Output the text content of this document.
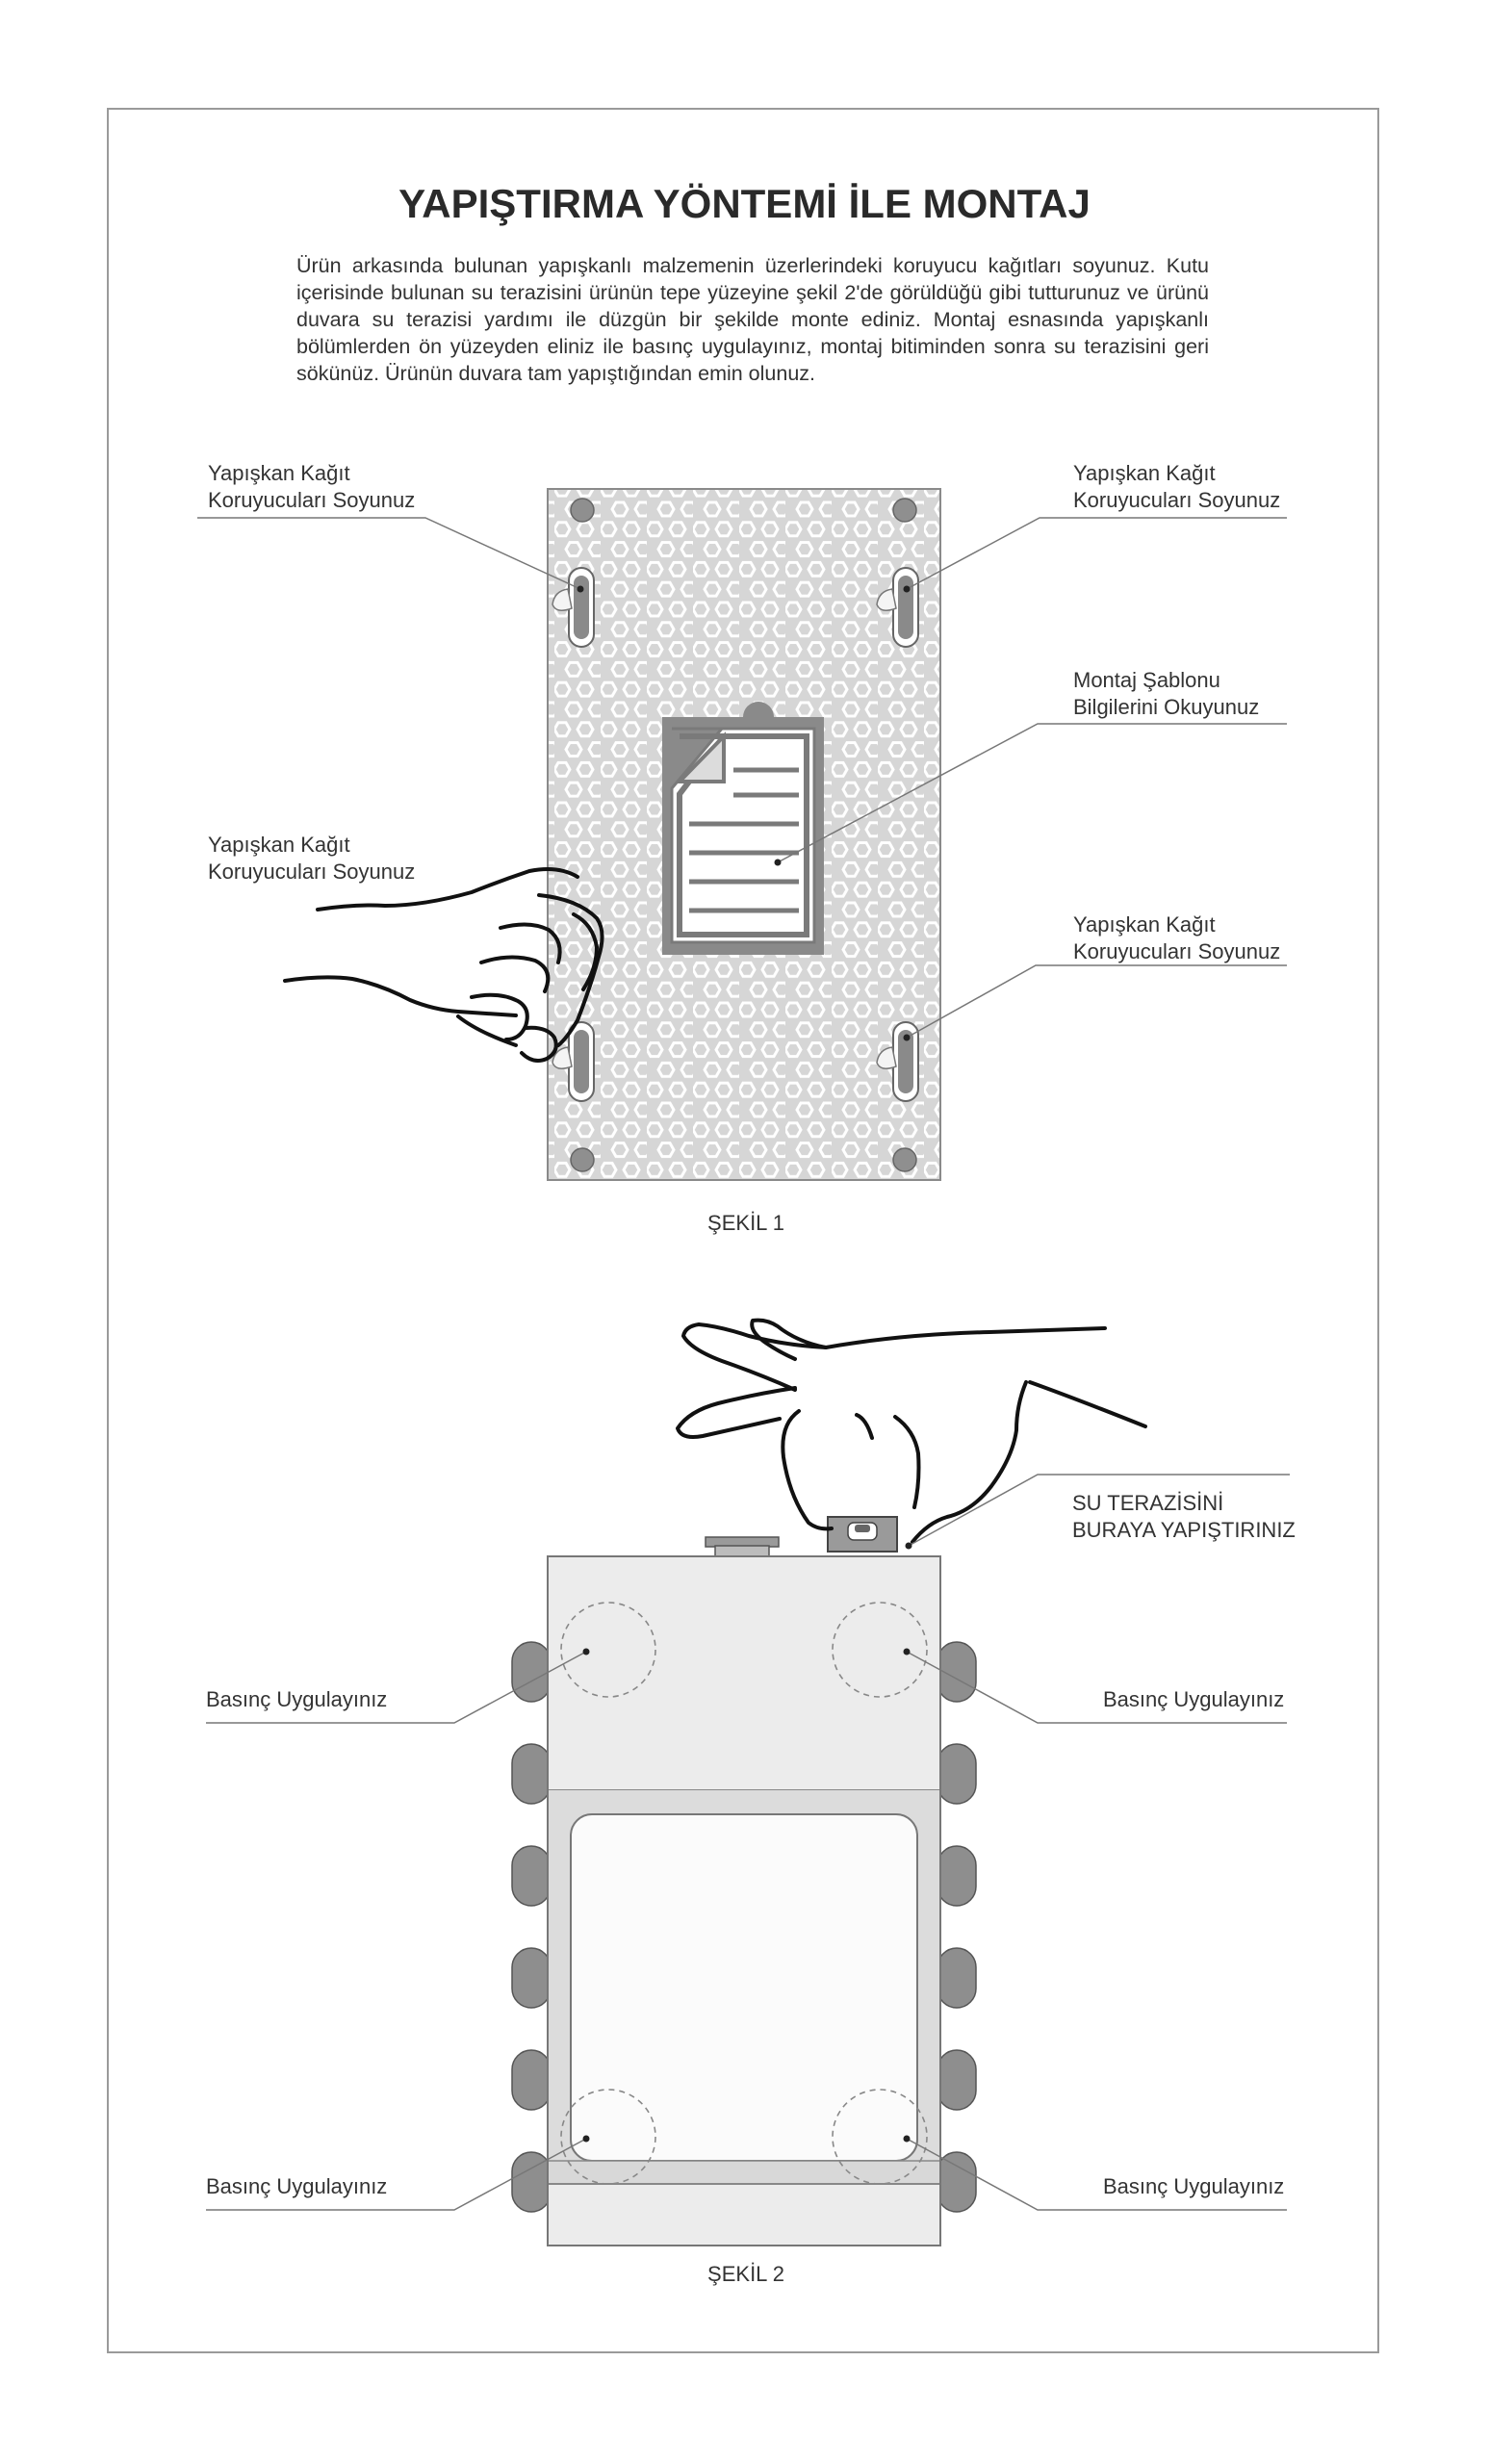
YAPIŞTIRMA YÖNTEMİ İLE MONTAJ

Ürün arkasında bulunan yapışkanlı malzemenin üzerlerindeki koruyucu kağıtları soyunuz. Kutu içerisinde bulunan su terazisini ürünün tepe yüzeyine şekil 2'de görüldüğü gibi tutturunuz ve ürünü duvara su terazisi yardımı ile düzgün bir şekilde monte ediniz. Montaj esnasında yapışkanlı bölümlerden ön yüzeyden eliniz ile basınç uygulayınız, montaj bitiminden sonra su terazisini geri sökünüz. Ürünün duvara tam yapıştığından emin olunuz.

Yapışkan Kağıt
Koruyucuları Soyunuz
Yapışkan Kağıt
Koruyucuları Soyunuz
Montaj Şablonu
Bilgilerini Okuyunuz
Yapışkan Kağıt
Koruyucuları Soyunuz
Yapışkan Kağıt
Koruyucuları Soyunuz
ŞEKİL 1
SU TERAZİSİNİ
BURAYA YAPIŞTIRINIZ
Basınç Uygulayınız	Basınç Uygulayınız
Basınç Uygulayınız	Basınç Uygulayınız
ŞEKİL 2
